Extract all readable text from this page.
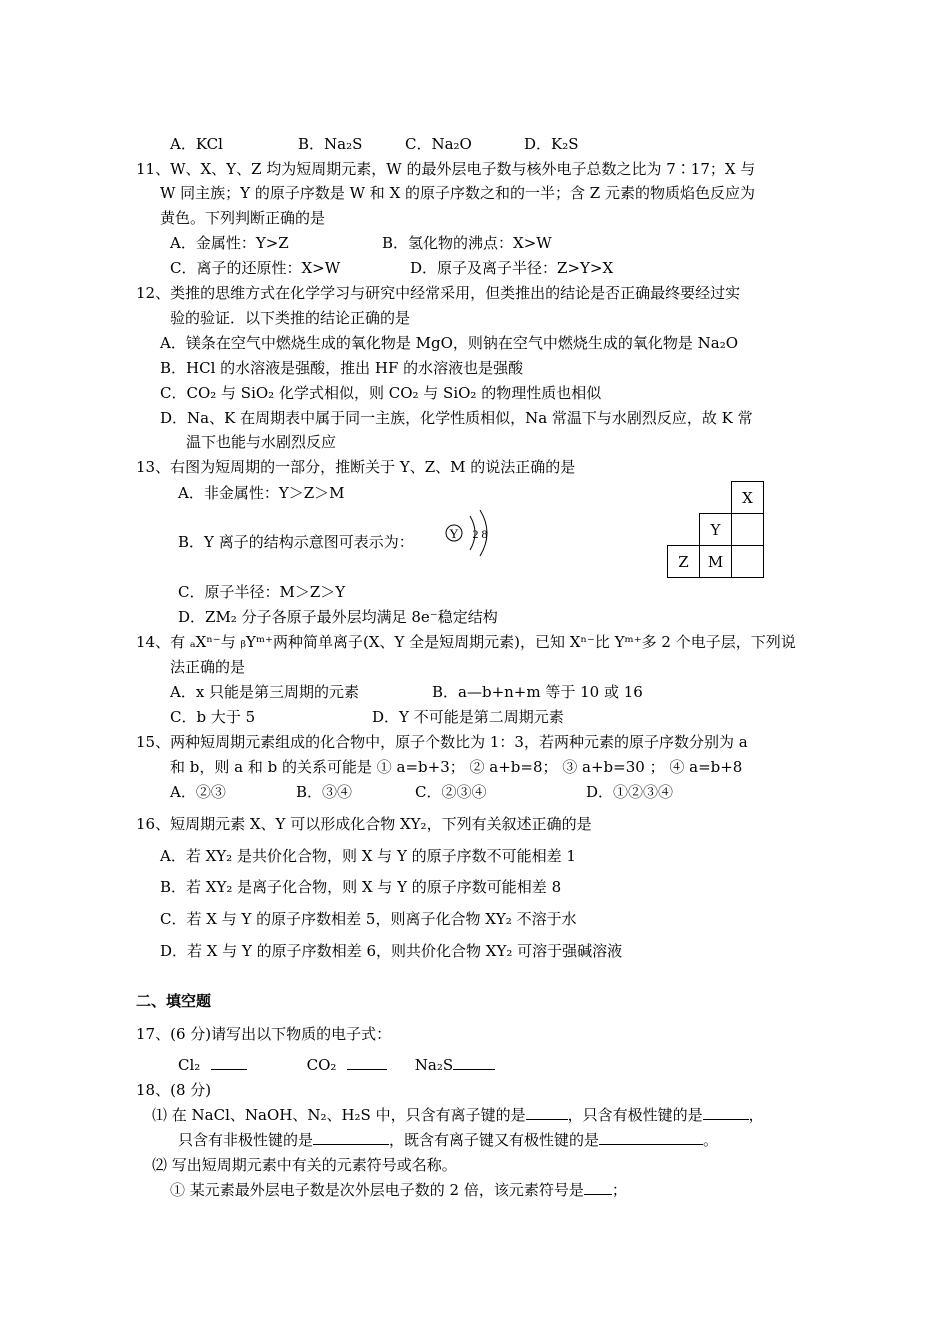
A．KCl	B．Na₂S	C．Na₂O	D．K₂S
11、W、X、Y、Z 均为短周期元素，W 的最外层电子数与核外电子总数之比为 7∶17；X 与
W 同主族；Y 的原子序数是 W 和 X 的原子序数之和的一半；含 Z 元素的物质焰色反应为
黄色。下列判断正确的是
A．金属性：Y>Z	B．氢化物的沸点：X>W
C．离子的还原性：X>W	D．原子及离子半径：Z>Y>X
12、类推的思维方式在化学学习与研究中经常采用，但类推出的结论是否正确最终要经过实
验的验证．以下类推的结论正确的是
A．镁条在空气中燃烧生成的氧化物是 MgO，则钠在空气中燃烧生成的氧化物是 Na₂O
B．HCl 的水溶液是强酸，推出 HF 的水溶液也是强酸
C．CO₂ 与 SiO₂ 化学式相似，则 CO₂ 与 SiO₂ 的物理性质也相似
D．Na、K 在周期表中属于同一主族，化学性质相似，Na 常温下与水剧烈反应，故 K 常
温下也能与水剧烈反应
13、右图为短周期的一部分，推断关于 Y、Z、M 的说法正确的是
A．非金属性：Y＞Z＞M
B．Y 离子的结构示意图可表示为：	Y 2 8
C．原子半径：M＞Z＞Y
D．ZM₂ 分子各原子最外层均满足 8e⁻稳定结构
		X
	Y	
Z	M	
14、有 ₐXⁿ⁻与 ᵦYᵐ⁺两种简单离子(X、Y 全是短周期元素)，已知 Xⁿ⁻比 Yᵐ⁺多 2 个电子层，下列说
法正确的是
A．x 只能是第三周期的元素	B．a—b+n+m 等于 10 或 16
C．b 大于 5	D．Y 不可能是第二周期元素
15、两种短周期元素组成的化合物中，原子个数比为 1：3，若两种元素的原子序数分别为 a
和 b，则 a 和 b 的关系可能是 ① a=b+3； ② a+b=8； ③ a+b=30 ； ④ a=b+8
A．②③	B．③④	C．②③④	D．①②③④
16、短周期元素 X、Y 可以形成化合物 XY₂，下列有关叙述正确的是
A．若 XY₂ 是共价化合物，则 X 与 Y 的原子序数不可能相差 1
B．若 XY₂ 是离子化合物，则 X 与 Y 的原子序数可能相差 8
C．若 X 与 Y 的原子序数相差 5，则离子化合物 XY₂ 不溶于水
D．若 X 与 Y 的原子序数相差 6，则共价化合物 XY₂ 可溶于强碱溶液
二、填空题
17、(6 分)请写出以下物质的电子式：
Cl₂	CO₂	Na₂S
18、(8 分)
⑴ 在 NaCl、NaOH、N₂、H₂S 中，只含有离子键的是	，只含有极性键的是	，
只含有非极性键的是	，既含有离子键又有极性键的是	。
⑵ 写出短周期元素中有关的元素符号或名称。
① 某元素最外层电子数是次外层电子数的 2 倍，该元素符号是 ；
